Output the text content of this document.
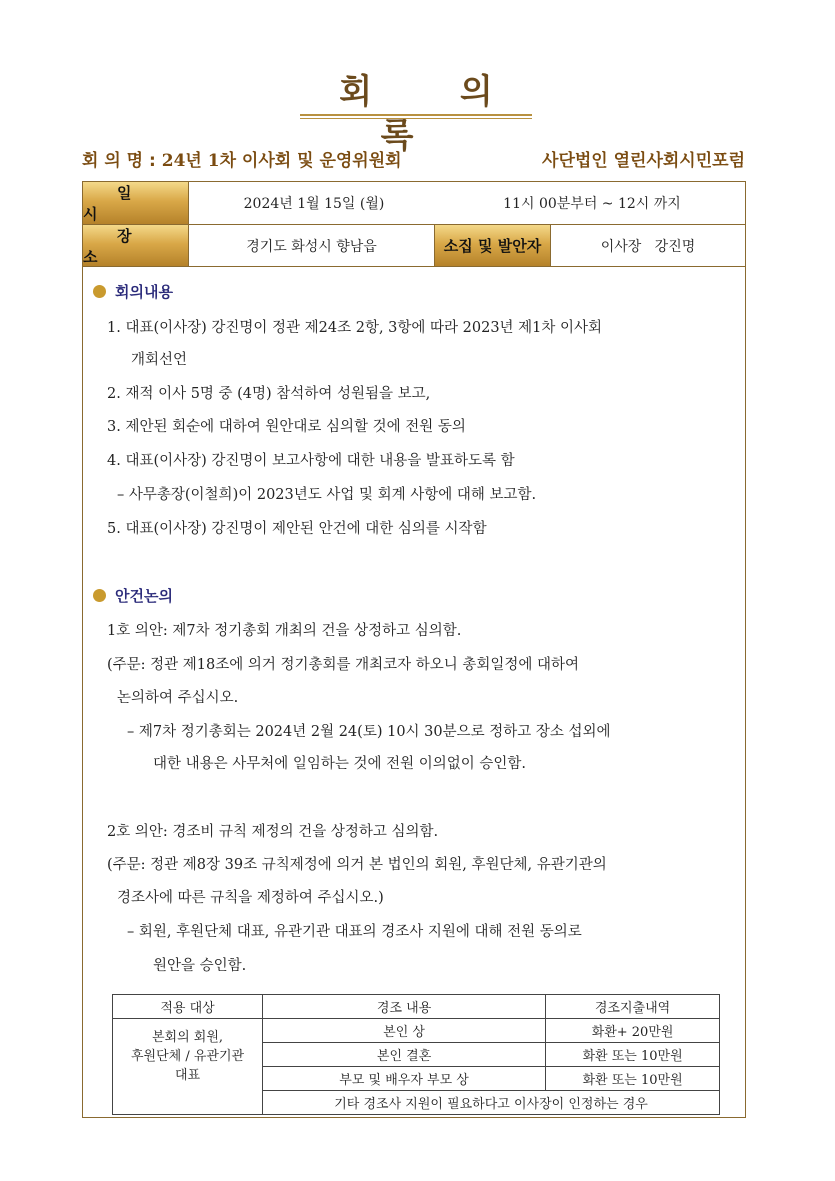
회 의 록
회 의 명 : 24년 1차 이사회 및 운영위원회	사단법인 열린사회시민포럼
일 시
2024년 1월 15일 (월)	11시 00분부터 ~ 12시 까지
장 소
경기도 화성시 향남읍	소집 및 발안자	이사장   강진명
회의내용
1. 대표(이사장) 강진명이 정관 제24조 2항, 3항에 따라 2023년 제1차 이사회
개회선언
2. 재적 이사 5명 중 (4명) 참석하여 성원됨을 보고,
3. 제안된 회순에 대하여 원안대로 심의할 것에 전원 동의
4. 대표(이사장) 강진명이 보고사항에 대한 내용을 발표하도록 함
– 사무총장(이철희)이 2023년도 사업 및 회계 사항에 대해 보고함.
5. 대표(이사장) 강진명이 제안된 안건에 대한 심의를 시작함
안건논의
1호 의안: 제7차 정기총회 개최의 건을 상정하고 심의함.
(주문: 정관 제18조에 의거 정기총회를 개최코자 하오니 총회일정에 대하여
논의하여 주십시오.
– 제7차 정기총회는 2024년 2월 24(토) 10시 30분으로 정하고 장소 섭외에
대한 내용은 사무처에 일임하는 것에 전원 이의없이 승인함.
2호 의안: 경조비 규칙 제정의 건을 상정하고 심의함.
(주문: 정관 제8장 39조 규칙제정에 의거 본 법인의 회원, 후원단체, 유관기관의
경조사에 따른 규칙을 제정하여 주십시오.)
– 회원, 후원단체 대표, 유관기관 대표의 경조사 지원에 대해 전원 동의로
원안을 승인함.
적용 대상	경조 내용	경조지출내역
본회의 회원,
후원단체 / 유관기관
대표	본인 상	화환+ 20만원
	본인 결혼	화환 또는 10만원
	부모 및 배우자 부모 상	화환 또는 10만원
	기타 경조사 지원이 필요하다고 이사장이 인정하는 경우	
